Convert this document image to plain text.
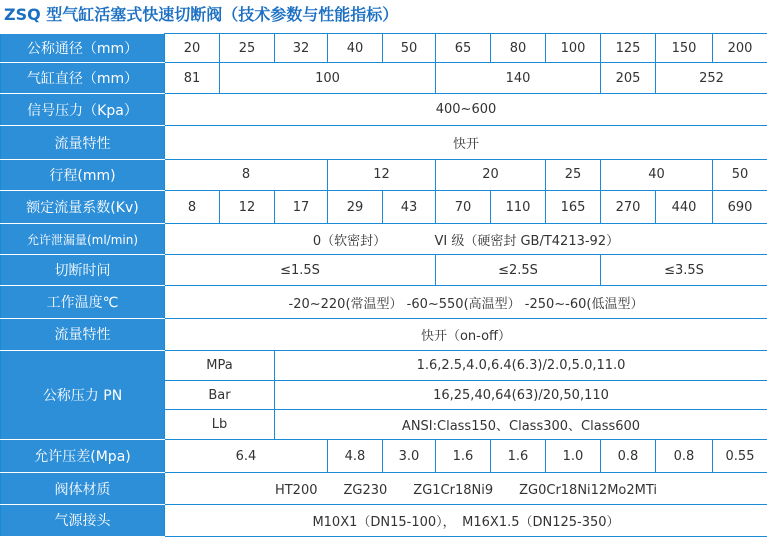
ZSQ 型气缸活塞式快速切断阀（技术参数与性能指标）
公称通径（mm）	20	25	32	40	50	65	80	100	125	150	200
气缸直径（mm）	81	100				140			205	252	
信号压力（Kpa）	400~600										
流量特性	快开										
行程(mm)	8			12		20		25	40		50
额定流量系数(Kv)	8	12	17	29	43	70	110	165	270	440	690
允许泄漏量(ml/min)	0（软密封） VI 级（硬密封 GB/T4213-92）										
切断时间	≤1.5S					≤2.5S			≤3.5S		
工作温度℃	-20~220(常温型） -60~550(高温型） -250~-60(低温型）										
流量特性	快开（on-off）										
公称压力 PN	MPa		1.6,2.5,4.0,6.4(6.3)/2.0,5.0,11.0								
	Bar		16,25,40,64(63)/20,50,110								
	Lb		ANSI:Class150、Class300、Class600								
允许压差(Mpa)	6.4			4.8	3.0	1.6	1.6	1.0	0.8	0.8	0.55
阀体材质	HT200　　ZG230　　ZG1Cr18Ni9　　ZG0Cr18Ni12Mo2MTi										
气源接头	M10X1（DN15-100），　M16X1.5（DN125-350）										
